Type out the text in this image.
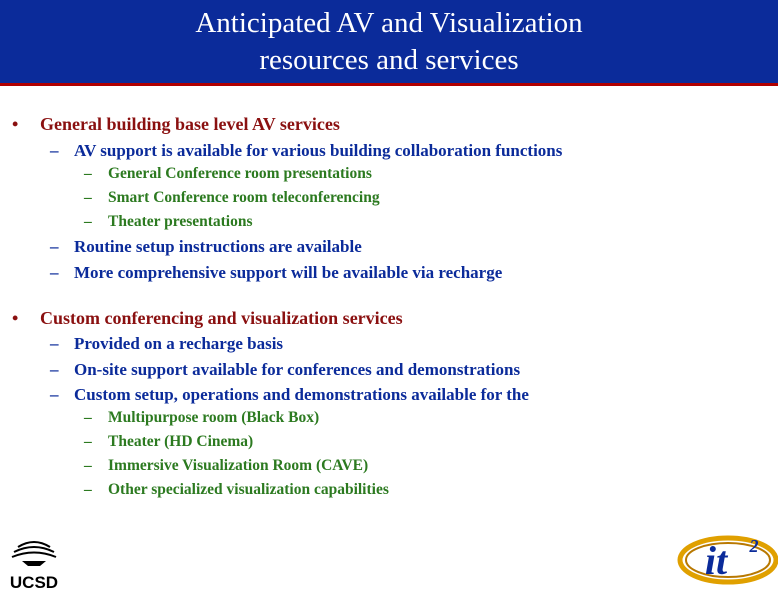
Anticipated AV and Visualization
resources and services
• General building base level AV services
– AV support is available for various building collaboration functions
– General Conference room presentations
– Smart Conference room teleconferencing
– Theater presentations
– Routine setup instructions are available
– More comprehensive support will be available via recharge
• Custom conferencing and visualization services
– Provided on a recharge basis
– On-site support available for conferences and demonstrations
– Custom setup, operations and demonstrations available for the
– Multipurpose room (Black Box)
– Theater (HD Cinema)
– Immersive Visualization Room (CAVE)
– Other specialized visualization capabilities
UCSD	it 2
